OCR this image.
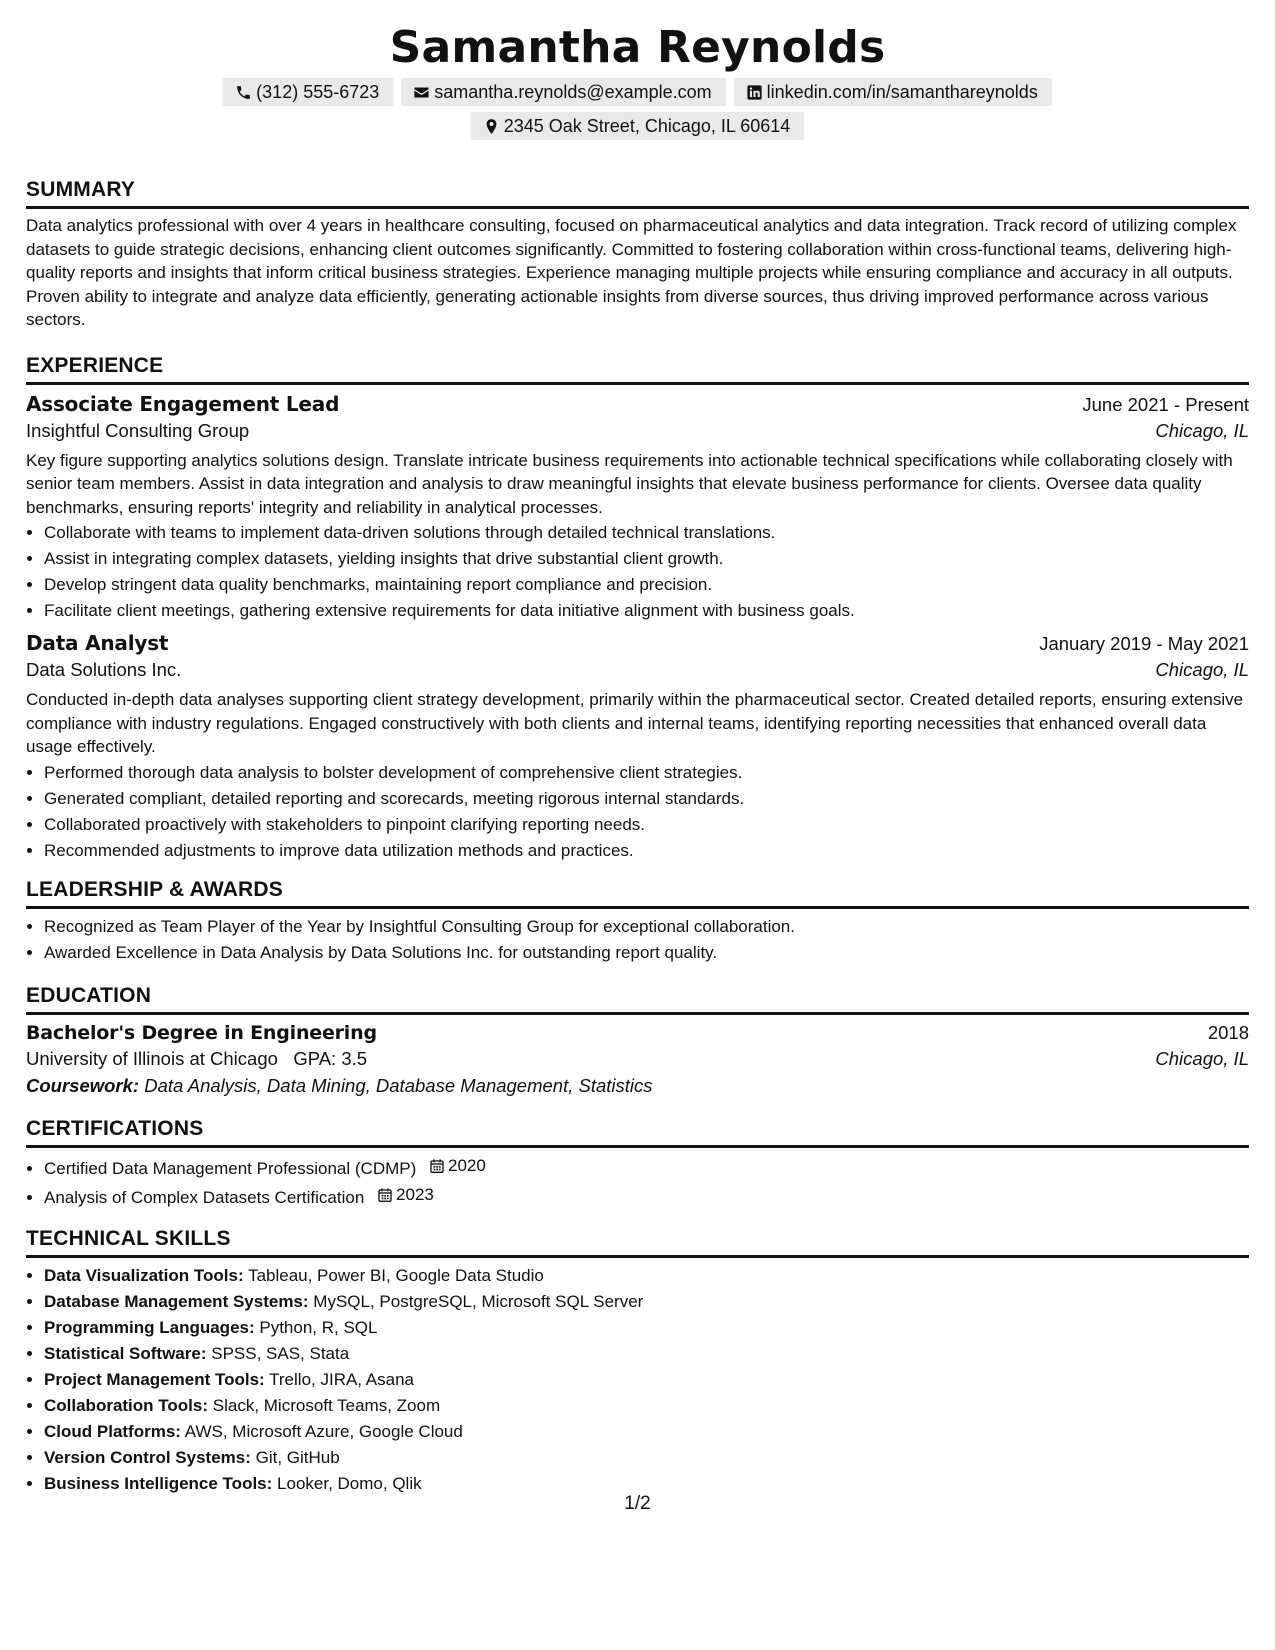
Samantha Reynolds
(312) 555-6723	samantha.reynolds@example.com	linkedin.com/in/samanthareynolds
2345 Oak Street, Chicago, IL 60614
SUMMARY

Data analytics professional with over 4 years in healthcare consulting, focused on pharmaceutical analytics and data integration. Track record of utilizing complex datasets to guide strategic decisions, enhancing client outcomes significantly. Committed to fostering collaboration within cross-functional teams, delivering high-quality reports and insights that inform critical business strategies. Experience managing multiple projects while ensuring compliance and accuracy in all outputs. Proven ability to integrate and analyze data efficiently, generating actionable insights from diverse sources, thus driving improved performance across various sectors.

EXPERIENCE
Associate Engagement Lead	June 2021 - Present
Insightful Consulting Group	Chicago, IL

Key figure supporting analytics solutions design. Translate intricate business requirements into actionable technical specifications while collaborating closely with senior team members. Assist in data integration and analysis to draw meaningful insights that elevate business performance for clients. Oversee data quality benchmarks, ensuring reports' integrity and reliability in analytical processes.

• Collaborate with teams to implement data-driven solutions through detailed technical translations.
• Assist in integrating complex datasets, yielding insights that drive substantial client growth.
• Develop stringent data quality benchmarks, maintaining report compliance and precision.
• Facilitate client meetings, gathering extensive requirements for data initiative alignment with business goals.
Data Analyst	January 2019 - May 2021
Data Solutions Inc.	Chicago, IL

Conducted in-depth data analyses supporting client strategy development, primarily within the pharmaceutical sector. Created detailed reports, ensuring extensive compliance with industry regulations. Engaged constructively with both clients and internal teams, identifying reporting necessities that enhanced overall data usage effectively.

• Performed thorough data analysis to bolster development of comprehensive client strategies.
• Generated compliant, detailed reporting and scorecards, meeting rigorous internal standards.
• Collaborated proactively with stakeholders to pinpoint clarifying reporting needs.
• Recommended adjustments to improve data utilization methods and practices.
LEADERSHIP & AWARDS
• Recognized as Team Player of the Year by Insightful Consulting Group for exceptional collaboration.
• Awarded Excellence in Data Analysis by Data Solutions Inc. for outstanding report quality.
EDUCATION
Bachelor's Degree in Engineering	2018
University of Illinois at Chicago GPA: 3.5	Chicago, IL
Coursework: Data Analysis, Data Mining, Database Management, Statistics
CERTIFICATIONS
• Certified Data Management Professional (CDMP) 2020
• Analysis of Complex Datasets Certification 2023
TECHNICAL SKILLS
• Data Visualization Tools: Tableau, Power BI, Google Data Studio
• Database Management Systems: MySQL, PostgreSQL, Microsoft SQL Server
• Programming Languages: Python, R, SQL
• Statistical Software: SPSS, SAS, Stata
• Project Management Tools: Trello, JIRA, Asana
• Collaboration Tools: Slack, Microsoft Teams, Zoom
• Cloud Platforms: AWS, Microsoft Azure, Google Cloud
• Version Control Systems: Git, GitHub
• Business Intelligence Tools: Looker, Domo, Qlik
1/2
